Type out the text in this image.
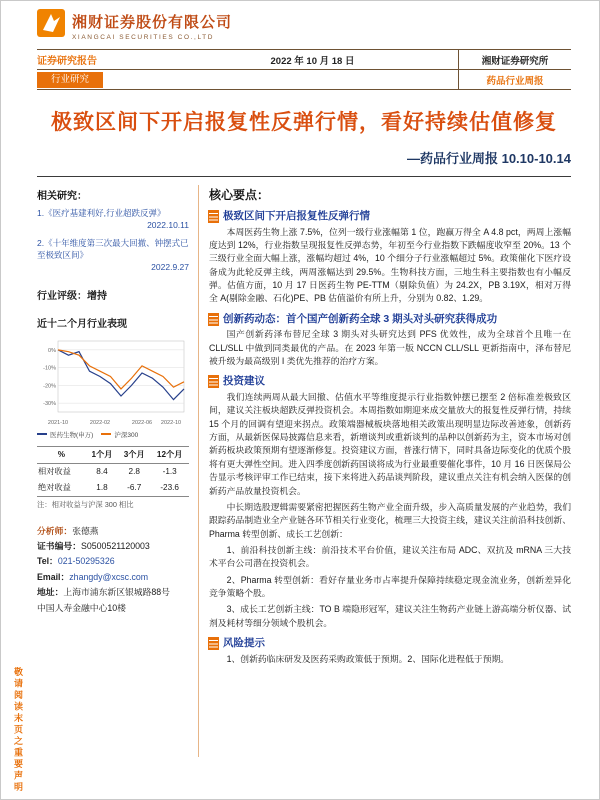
湘财证券股份有限公司
XIANGCAI SECURITIES CO.,LTD
证券研究报告	2022 年 10 月 18 日	湘财证券研究所
行业研究	药品行业周报
极致区间下开启报复性反弹行情，看好持续估值修复
—药品行业周报 10.10-10.14
相关研究：
1.《医疗基建利好,行业超跌反弹》
2022.10.11
2.《十年维度第三次最大回撤、钟摆式已至极致区间》
2022.9.27
行业评级：增持
近十二个月行业表现
0%
-10%
-20%
-30%
2021-10	2022-02	2022-06 2022-10
医药生物(申万)	沪深300
%	1个月	3个月	12个月
相对收益	8.4	2.8	-1.3
绝对收益	1.8	-6.7	-23.6
注：相对收益与沪深 300 相比
分析师：张德燕
证书编号：S0500521120003
Tel：021-50295326
Email：zhangdy@xcsc.com
地址：上海市浦东新区银城路88号
中国人寿金融中心10楼
核心要点：
极致区间下开启报复性反弹行情

本周医药生物上涨 7.5%，位列一级行业涨幅第 1 位，跑赢万得全 A 4.8 pct，两周上涨幅度达到 12%，行业指数呈现报复性反弹态势，年初至今行业指数下跌幅度收窄至 20%。13 个三级行业全面大幅上涨，涨幅均超过 4%，10 个细分子行业涨幅超过 5%。政策催化下医疗设备成为此轮反弹主线，两周涨幅达到 29.5%。生物科技方面，三地生科主要指数也有小幅反弹。估值方面，10 月 17 日医药生物 PE-TTM（剔除负值）为 24.2X，PB 3.19X，相对万得全 A(剔除金融、石化)PE、PB 估值溢价有所上升，分别为 0.82、1.29。

创新药动态：首个国产创新药全球 3 期头对头研究获得成功

国产创新药泽布替尼全球 3 期头对头研究达到 PFS 优效性，成为全球首个且唯一在 CLL/SLL 中做到同类最优的产品。在 2023 年第一版 NCCN CLL/SLL 更新指南中，泽布替尼被升级为最高级别 I 类优先推荐的治疗方案。

投资建议

我们连续两周从最大回撤、估值水平等维度提示行业指数钟摆已摆至 2 倍标准差极致区间，建议关注板块超跌反弹投资机会。本周指数如期迎来成交量放大的报复性反弹行情，持续 15 个月的回调有望迎来拐点。政策端器械板块落地相关政策出现明显边际改善迹象，创新药方面，从最新医保局披露信息来看，新增谈判或重新谈判的品种以创新药为主，资本市场对创新药板块政策预期有望逐渐修复。投资建议方面，普涨行情下，同时具备边际变化的优质个股将有更大弹性空间。进入四季度创新药国谈将成为行业最重要催化事件，10 月 16 日医保局公告显示考核评审工作已结束，接下来将进入药品谈判阶段，建议重点关注有机会纳入医保的创新药产品放量投资机会。

中长期选股逻辑需要紧密把握医药生物产业全面升级，步入高质量发展的产业趋势，我们跟踪药品制造业全产业链各环节相关行业变化，梳理三大投资主线，建议关注前沿科技创新、Pharma 转型创新、成长工艺创新：

1、前沿科技创新主线：前沿技术平台价值，建议关注布局 ADC、双抗及 mRNA 三大技术平台公司潜在投资机会。

2、Pharma 转型创新：看好存量业务市占率提升保障持续稳定现金流业务，创新差异化竞争策略个股。

3、成长工艺创新主线：TO B 端隐形冠军，建议关注生物药产业链上游高端分析仪器、试剂及耗材等细分领域个股机会。

风险提示

1、创新药临床研发及医药采购政策低于预期。2、国际化进程低于预期。

敬请阅读末页之重要声明
